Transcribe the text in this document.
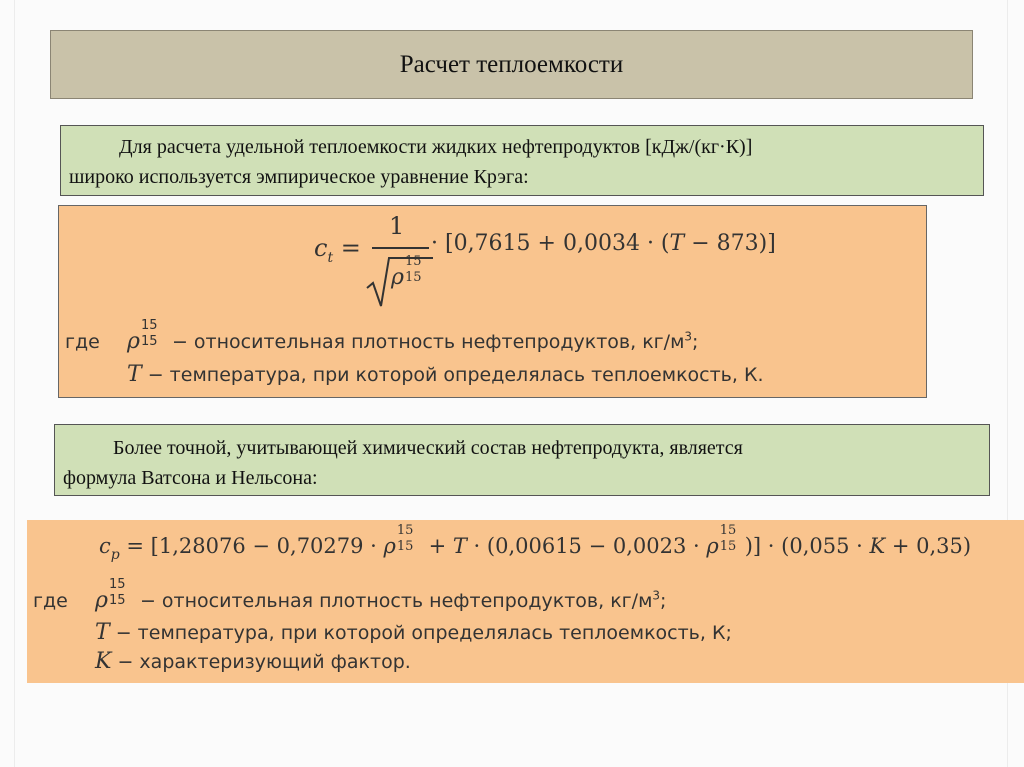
Расчет теплоемкости
Для расчета удельной теплоемкости жидких нефтепродуктов [кДж/(кг·К)]
широко используется эмпирическое уравнение Крэга:
$c_t$ =
1
ρ
15
15
· [0,7615 + 0,0034 · (T − 873)]
где ρ
15
15 − относительная плотность нефтепродуктов, $кг/м^3$;
T − температура, при которой определялась теплоемкость, К.
Более точной, учитывающей химический состав нефтепродукта, является
формула Ватсона и Нельсона:
$c_p = [1,28076 - 0,70279 \cdot \rho$
15
15 + T · (0,00615 − 0,0023 · ρ
15
15 )] · (0,055 · K + 0,35)
где ρ
15
15 − относительная плотность нефтепродуктов, $кг/м^3$;
T − температура, при которой определялась теплоемкость, К;
K − характеризующий фактор.
